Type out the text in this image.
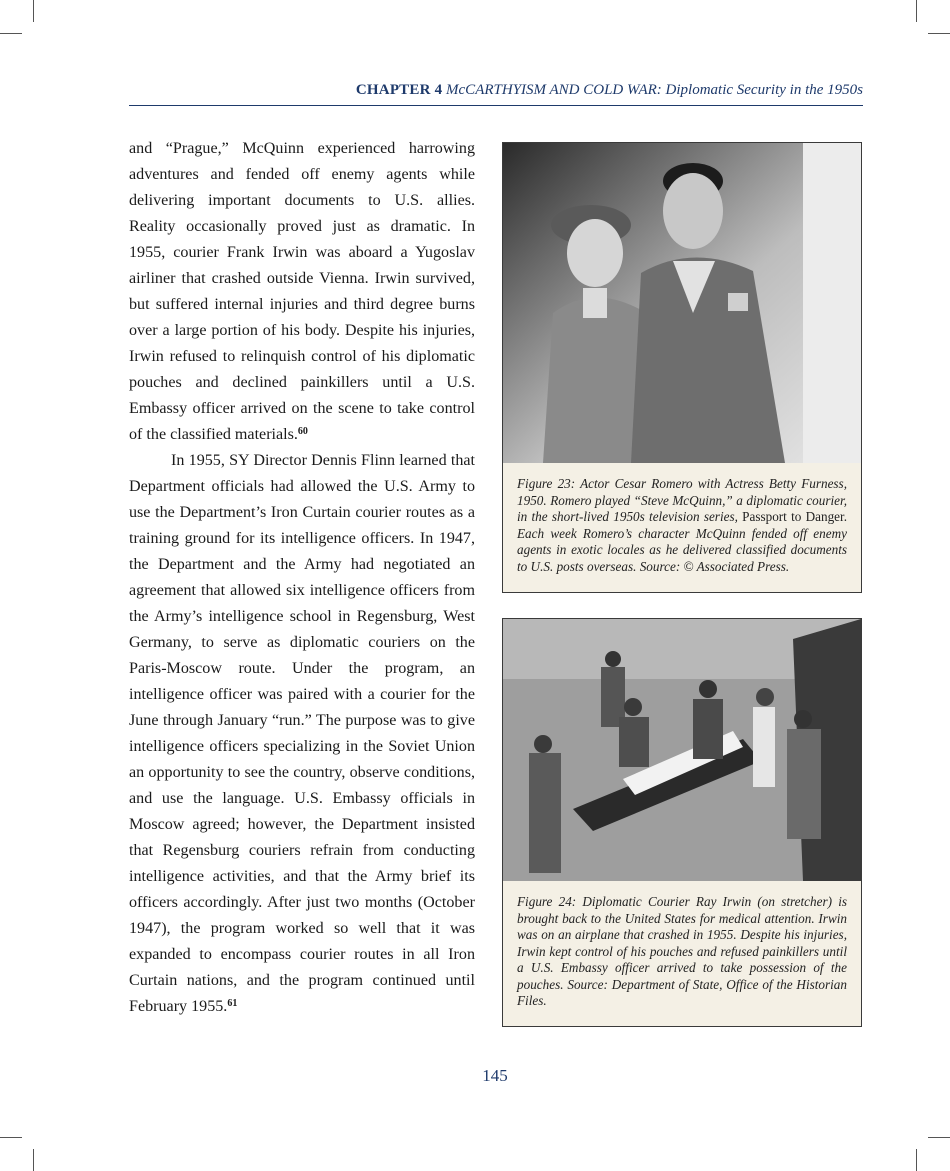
CHAPTER 4 McCARTHYISM AND COLD WAR: Diplomatic Security in the 1950s

and “Prague,” McQuinn experienced harrowing adventures and fended off enemy agents while delivering important documents to U.S. allies. Reality occasionally proved just as dramatic. In 1955, courier Frank Irwin was aboard a Yugoslav airliner that crashed outside Vienna. Irwin survived, but suffered internal injuries and third degree burns over a large portion of his body. Despite his injuries, Irwin refused to relinquish control of his diplomatic pouches and declined painkillers until a U.S. Embassy officer arrived on the scene to take control of the classified materials.$^{60}$

In 1955, SY Director Dennis Flinn learned that Department officials had allowed the U.S. Army to use the Department’s Iron Curtain courier routes as a training ground for its intelligence officers. In 1947, the Department and the Army had negotiated an agreement that allowed six intelligence officers from the Army’s intelligence school in Regensburg, West Germany, to serve as diplomatic couriers on the Paris-Moscow route. Under the program, an intelligence officer was paired with a courier for the June through January “run.” The purpose was to give intelligence officers specializing in the Soviet Union an opportunity to see the country, observe conditions, and use the language. U.S. Embassy officials in Moscow agreed; however, the Department insisted that Regensburg couriers refrain from conducting intelligence activities, and that the Army brief its officers accordingly. After just two months (October 1947), the program worked so well that it was expanded to encompass courier routes in all Iron Curtain nations, and the program continued until February 1955.61

Figure 23: Actor Cesar Romero with Actress Betty Furness, 1950. Romero played “Steve McQuinn,” a diplomatic courier, in the short-lived 1950s television series, Passport to Danger. Each week Romero’s character McQuinn fended off enemy agents in exotic locales as he delivered classified documents to U.S. posts overseas. Source: © Associated Press.
Figure 24: Diplomatic Courier Ray Irwin (on stretcher) is brought back to the United States for medical attention. Irwin was on an airplane that crashed in 1955. Despite his injuries, Irwin kept control of his pouches and refused painkillers until a U.S. Embassy officer arrived to take possession of the pouches. Source: Department of State, Office of the Historian Files.
145
